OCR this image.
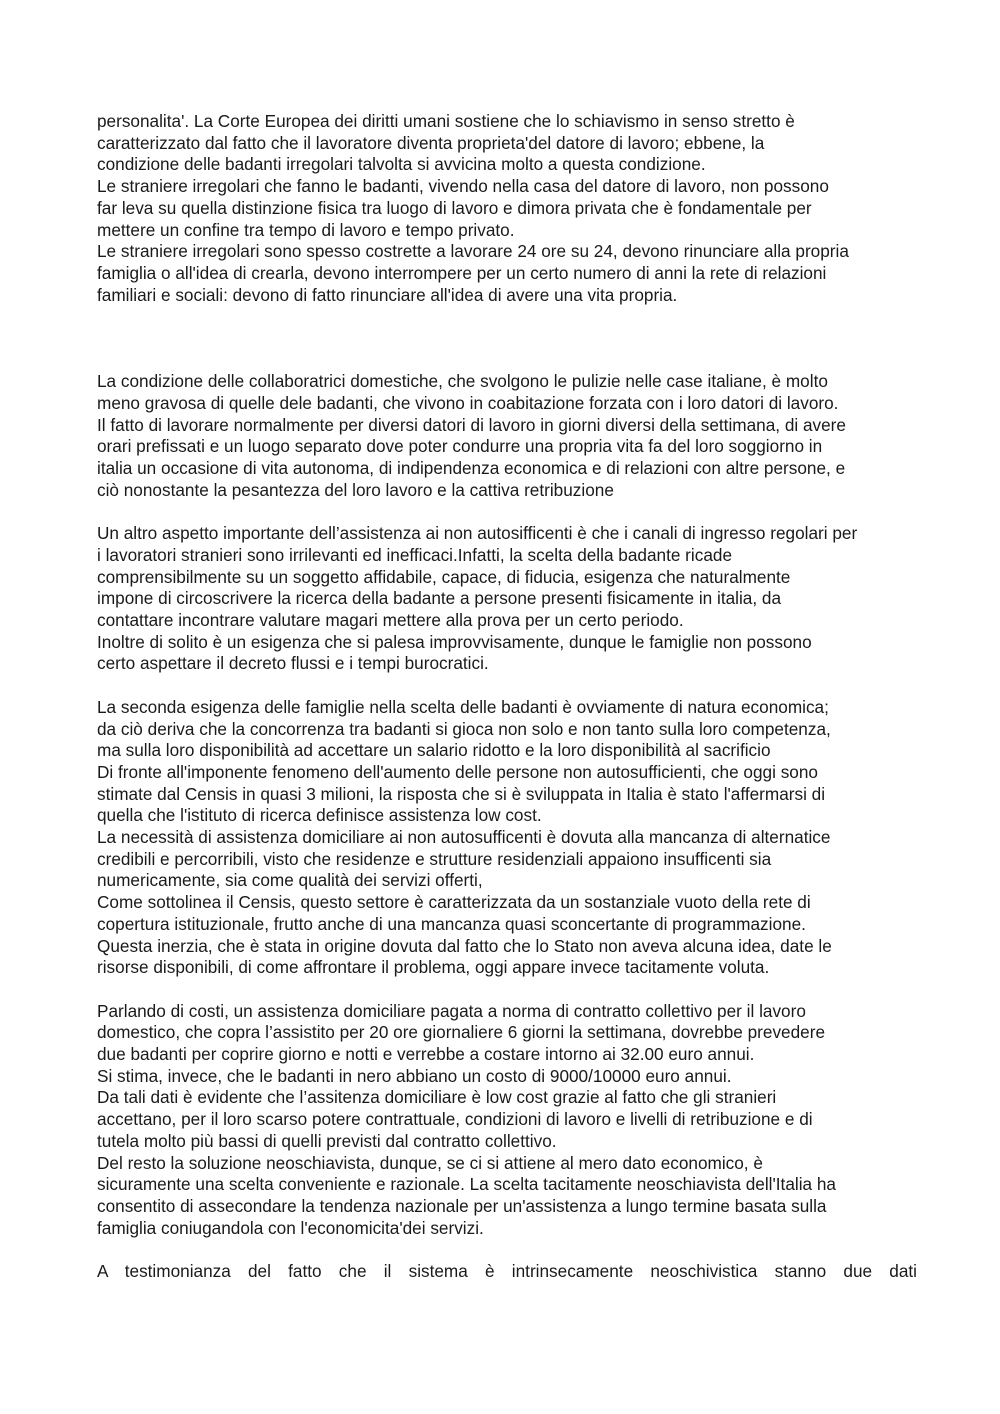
personalita'. La Corte Europea dei diritti umani sostiene che lo schiavismo in senso stretto è
caratterizzato dal fatto che il lavoratore diventa proprieta'del datore di lavoro; ebbene, la
condizione delle badanti irregolari talvolta si avvicina molto a questa condizione.
Le straniere irregolari che fanno le badanti, vivendo nella casa del datore di lavoro, non possono
far leva su quella distinzione fisica tra luogo di lavoro e dimora privata che è fondamentale per
mettere un confine tra tempo di lavoro e tempo privato.
Le straniere irregolari sono spesso costrette a lavorare 24 ore su 24, devono rinunciare alla propria
famiglia o all'idea di crearla, devono interrompere per un certo numero di anni la rete di relazioni
familiari e sociali: devono di fatto rinunciare all'idea di avere una vita propria.
La condizione delle collaboratrici domestiche, che svolgono le pulizie nelle case italiane, è molto
meno gravosa di quelle dele badanti, che vivono in coabitazione forzata con i loro datori di lavoro.
Il fatto di lavorare normalmente per diversi datori di lavoro in giorni diversi della settimana, di avere
orari prefissati e un luogo separato dove poter condurre una propria vita fa del loro soggiorno in
italia un occasione di vita autonoma, di indipendenza economica e di relazioni con altre persone, e
ciò nonostante la pesantezza del loro lavoro e la cattiva retribuzione
Un altro aspetto importante dell’assistenza ai non autosifficenti è che i canali di ingresso regolari per
i lavoratori stranieri sono irrilevanti ed inefficaci.Infatti, la scelta della badante ricade
comprensibilmente su un soggetto affidabile, capace, di fiducia, esigenza che naturalmente
impone di circoscrivere la ricerca della badante a persone presenti fisicamente in italia, da
contattare incontrare valutare magari mettere alla prova per un certo periodo.
Inoltre di solito è un esigenza che si palesa improvvisamente, dunque le famiglie non possono
certo aspettare il decreto flussi e i tempi burocratici.
La seconda esigenza delle famiglie nella scelta delle badanti è ovviamente di natura economica;
da ciò deriva che la concorrenza tra badanti si gioca non solo e non tanto sulla loro competenza,
ma sulla loro disponibilità ad accettare un salario ridotto e la loro disponibilità al sacrificio
Di fronte all'imponente fenomeno dell'aumento delle persone non autosufficienti, che oggi sono
stimate dal Censis in quasi 3 milioni, la risposta che si è sviluppata in Italia è stato l'affermarsi di
quella che l'istituto di ricerca definisce assistenza low cost.
La necessità di assistenza domiciliare ai non autosufficenti è dovuta alla mancanza di alternatice
credibili e percorribili, visto che residenze e strutture residenziali appaiono insufficenti sia
numericamente, sia come qualità dei servizi offerti,
Come sottolinea il Censis, questo settore è caratterizzata da un sostanziale vuoto della rete di
copertura istituzionale, frutto anche di una mancanza quasi sconcertante di programmazione.
Questa inerzia, che è stata in origine dovuta dal fatto che lo Stato non aveva alcuna idea, date le
risorse disponibili, di come affrontare il problema, oggi appare invece tacitamente voluta.
Parlando di costi, un assistenza domiciliare pagata a norma di contratto collettivo per il lavoro
domestico, che copra l’assistito per 20 ore giornaliere 6 giorni la settimana, dovrebbe prevedere
due badanti per coprire giorno e notti e verrebbe a costare intorno ai 32.00 euro annui.
Si stima, invece, che le badanti in nero abbiano un costo di 9000/10000 euro annui.
Da tali dati è evidente che l’assitenza domiciliare è low cost grazie al fatto che gli stranieri
accettano, per il loro scarso potere contrattuale, condizioni di lavoro e livelli di retribuzione e di
tutela molto più bassi di quelli previsti dal contratto collettivo.
Del resto la soluzione neoschiavista, dunque, se ci si attiene al mero dato economico, è
sicuramente una scelta conveniente e razionale. La scelta tacitamente neoschiavista dell'Italia ha
consentito di assecondare la tendenza nazionale per un'assistenza a lungo termine basata sulla
famiglia coniugandola con l'economicita'dei servizi.
A testimonianza del fatto che il sistema è intrinsecamente neoschivistica stanno due dati
